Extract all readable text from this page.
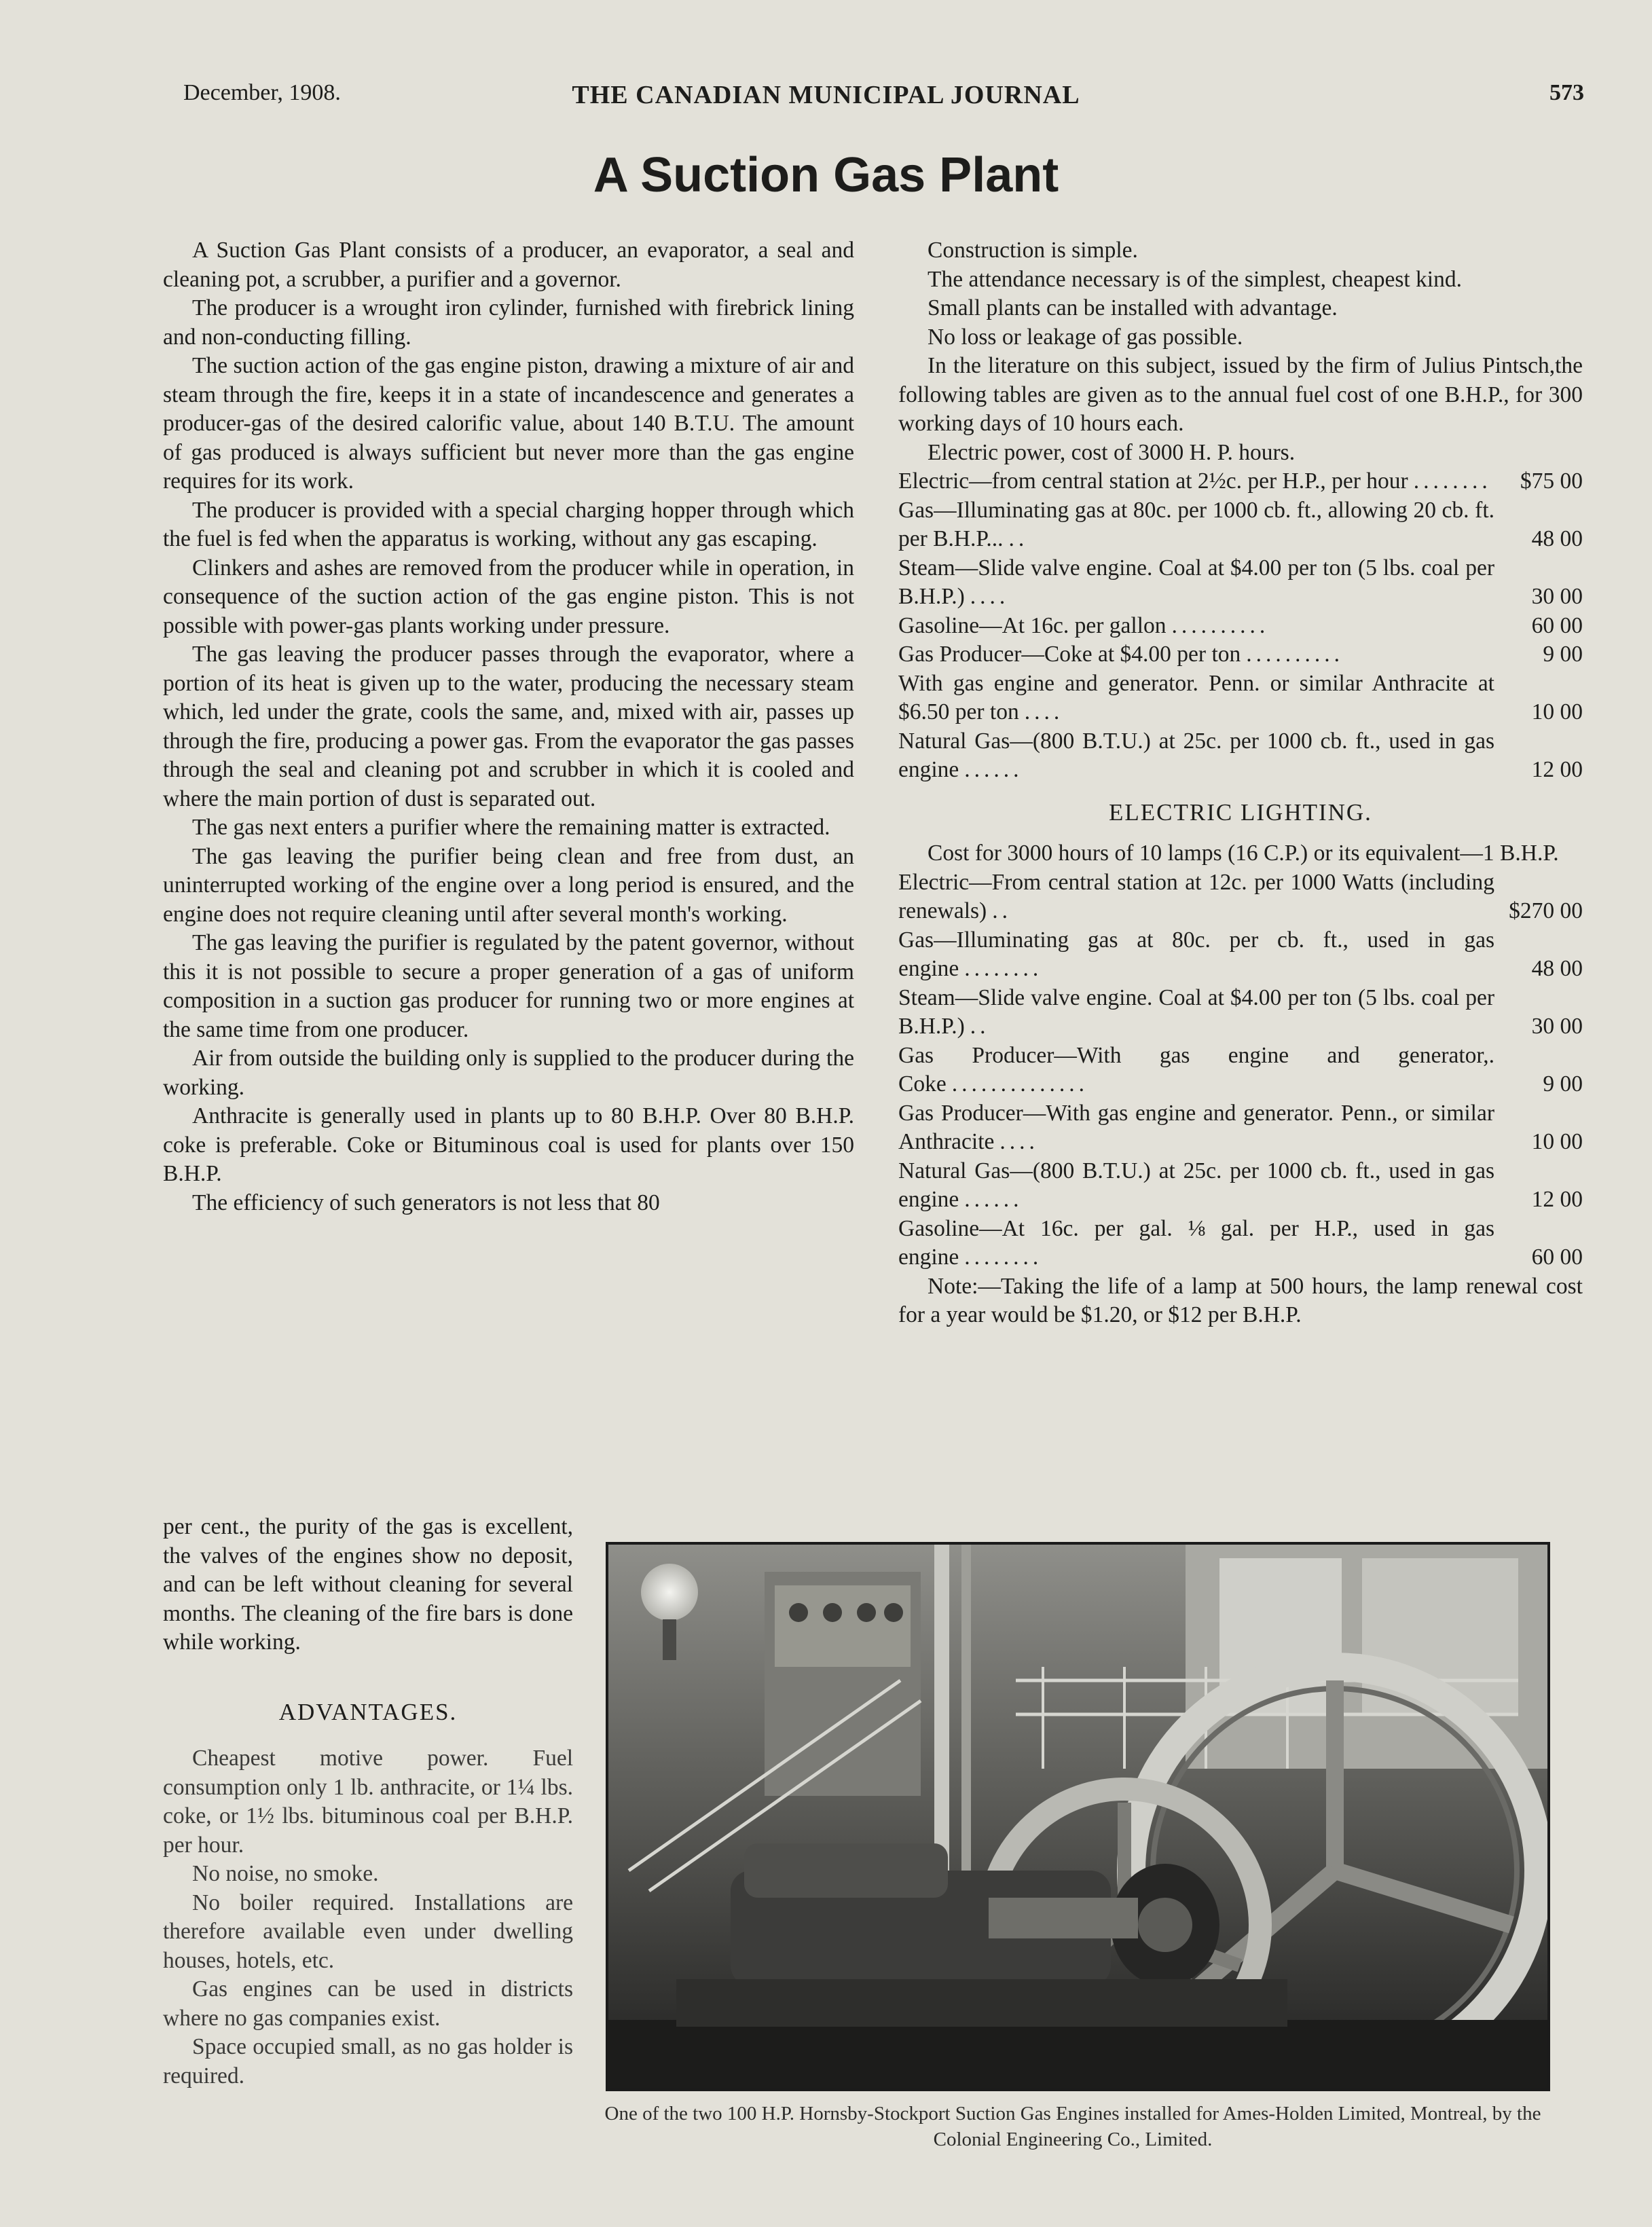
December, 1908.	THE CANADIAN MUNICIPAL JOURNAL	573
A Suction Gas Plant

A Suction Gas Plant consists of a producer, an evaporator, a seal and cleaning pot, a scrubber, a purifier and a governor.

The producer is a wrought iron cylinder, furnished with firebrick lining and non-conducting filling.

The suction action of the gas engine piston, drawing a mixture of air and steam through the fire, keeps it in a state of incandescence and generates a producer-gas of the desired calorific value, about 140 B.T.U. The amount of gas produced is always sufficient but never more than the gas engine requires for its work.

The producer is provided with a special charging hopper through which the fuel is fed when the apparatus is working, without any gas escaping.

Clinkers and ashes are removed from the producer while in operation, in consequence of the suction action of the gas engine piston. This is not possible with power-gas plants working under pressure.

The gas leaving the producer passes through the evaporator, where a portion of its heat is given up to the water, producing the necessary steam which, led under the grate, cools the same, and, mixed with air, passes up through the fire, producing a power gas. From the evaporator the gas passes through the seal and cleaning pot and scrubber in which it is cooled and where the main portion of dust is separated out.

The gas next enters a purifier where the remaining matter is extracted.

The gas leaving the purifier being clean and free from dust, an uninterrupted working of the engine over a long period is ensured, and the engine does not require cleaning until after several month's working.

The gas leaving the purifier is regulated by the patent governor, without this it is not possible to secure a proper generation of a gas of uniform composition in a suction gas producer for running two or more engines at the same time from one producer.

Air from outside the building only is supplied to the producer during the working.

Anthracite is generally used in plants up to 80 B.H.P. Over 80 B.H.P. coke is preferable. Coke or Bituminous coal is used for plants over 150 B.H.P.

The efficiency of such generators is not less that 80

per cent., the purity of the gas is excellent, the valves of the engines show no deposit, and can be left without cleaning for several months. The cleaning of the fire bars is done while working.

ADVANTAGES.

Cheapest motive power. Fuel consumption only 1 lb. anthracite, or 1¼ lbs. coke, or 1½ lbs. bituminous coal per B.H.P. per hour.

No noise, no smoke.

No boiler required. Installations are therefore available even under dwelling houses, hotels, etc.

Gas engines can be used in districts where no gas companies exist.

Space occupied small, as no gas holder is required.

Construction is simple.

The attendance necessary is of the simplest, cheapest kind.

Small plants can be installed with advantage.

No loss or leakage of gas possible.

In the literature on this subject, issued by the firm of Julius Pintsch,the following tables are given as to the annual fuel cost of one B.H.P., for 300 working days of 10 hours each.

Electric power, cost of 3000 H. P. hours.

Electric—from central station at 2½c. per H.P., per hour ........	$75 00
Gas—Illuminating gas at 80c. per 1000 cb. ft., allowing 20 cb. ft. per B.H.P... ..	48 00
Steam—Slide valve engine. Coal at $4.00 per ton (5 lbs. coal per B.H.P.) ....	30 00
Gasoline—At 16c. per gallon ..........	60 00
Gas Producer—Coke at $4.00 per ton ..........	9 00
With gas engine and generator. Penn. or similar Anthracite at $6.50 per ton ....	10 00
Natural Gas—(800 B.T.U.) at 25c. per 1000 cb. ft., used in gas engine ......	12 00
ELECTRIC LIGHTING.

Cost for 3000 hours of 10 lamps (16 C.P.) or its equivalent—1 B.H.P.

Electric—From central station at 12c. per 1000 Watts (including renewals) ..	$270 00
Gas—Illuminating gas at 80c. per cb. ft., used in gas engine ........	48 00
Steam—Slide valve engine. Coal at $4.00 per ton (5 lbs. coal per B.H.P.) ..	30 00
Gas Producer—With gas engine and generator,. Coke ..............	9 00
Gas Producer—With gas engine and generator. Penn., or similar Anthracite ....	10 00
Natural Gas—(800 B.T.U.) at 25c. per 1000 cb. ft., used in gas engine ......	12 00
Gasoline—At 16c. per gal. ⅛ gal. per H.P., used in gas engine ........	60 00

Note:—Taking the life of a lamp at 500 hours, the lamp renewal cost for a year would be $1.20, or $12 per B.H.P.

One of the two 100 H.P. Hornsby-Stockport Suction Gas Engines installed for Ames-Holden Limited, Montreal, by the Colonial Engineering Co., Limited.
